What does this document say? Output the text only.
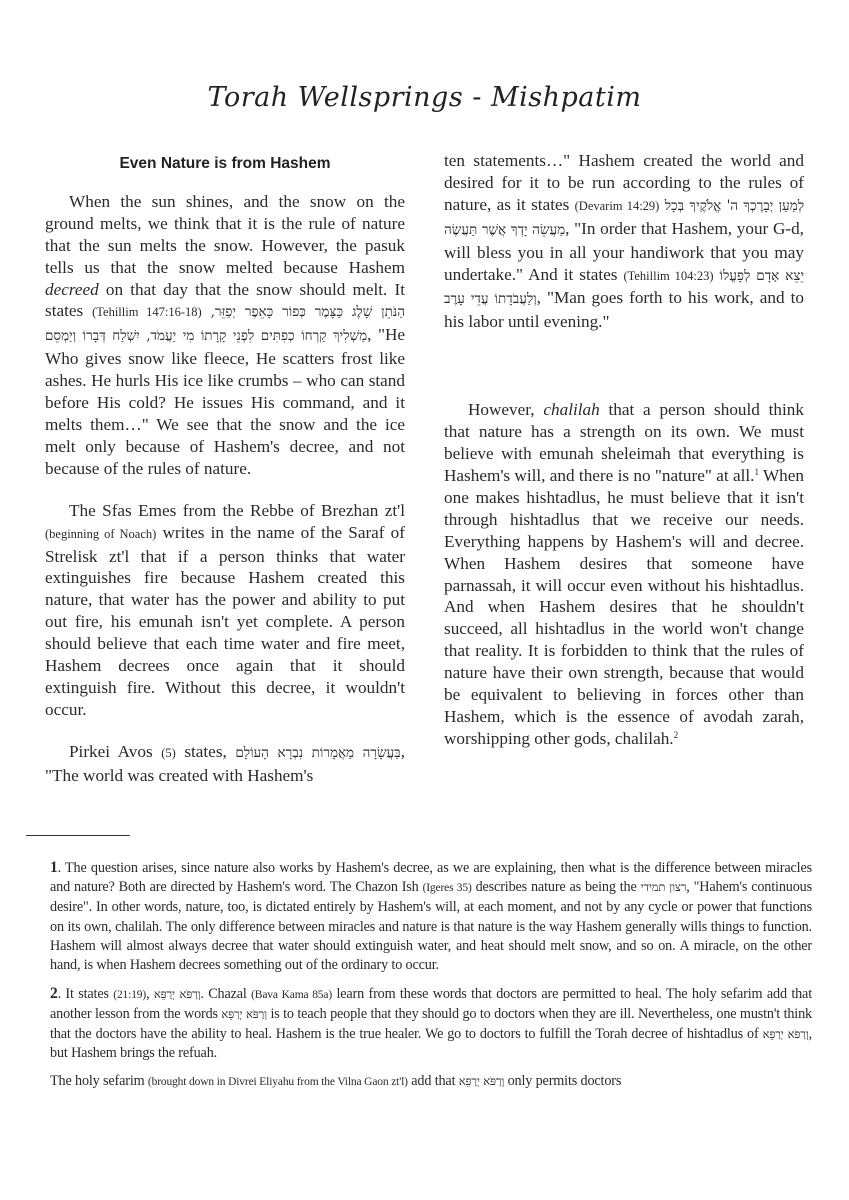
Torah Wellsprings - Mishpatim
Even Nature is from Hashem

When the sun shines, and the snow on the ground melts, we think that it is the rule of nature that the sun melts the snow. However, the pasuk tells us that the snow melted because Hashem decreed on that day that the snow should melt. It states (Tehillim 147:16-18) הַנֹּתֵן שָׁלֶג כַּצָּמֶר כְּפוֹר כָּאֵפֶר יְפַזֵּר, מַשְׁלִיךְ קַרְחוֹ כְפִתִּים לִפְנֵי קָרָתוֹ מִי יַעֲמֹד, יִשְׁלַח דְּבָרוֹ וְיַמְסֵם, "He Who gives snow like fleece, He scatters frost like ashes. He hurls His ice like crumbs – who can stand before His cold? He issues His command, and it melts them…" We see that the snow and the ice melt only because of Hashem's decree, and not because of the rules of nature.

The Sfas Emes from the Rebbe of Brezhan zt'l (beginning of Noach) writes in the name of the Saraf of Strelisk zt'l that if a person thinks that water extinguishes fire because Hashem created this nature, that water has the power and ability to put out fire, his emunah isn't yet complete. A person should believe that each time water and fire meet, Hashem decrees once again that it should extinguish fire. Without this decree, it wouldn't occur.

Pirkei Avos (5) states, בַּעֲשָׂרָה מַאֲמָרוֹת נִבְרָא הָעוֹלָם, "The world was created with Hashem's

ten statements…" Hashem created the world and desired for it to be run according to the rules of nature, as it states (Devarim 14:29) לְמַעַן יְבָרֶכְךָ ה' אֱלֹקֶיךָ בְּכָל מַעֲשֵׂה יָדְךָ אֲשֶׁר תַּעֲשֶׂה, "In order that Hashem, your G-d, will bless you in all your handiwork that you may undertake." And it states (Tehillim 104:23) יֵצֵא אָדָם לְפָעֳלוֹ וְלַעֲבֹדָתוֹ עֲדֵי עָרֶב, "Man goes forth to his work, and to his labor until evening."

However, chalilah that a person should think that nature has a strength on its own. We must believe with emunah sheleimah that everything is Hashem's will, and there is no "nature" at all.$^1$ When one makes hishtadlus, he must believe that it isn't through hishtadlus that we receive our needs. Everything happens by Hashem's will and decree. When Hashem desires that someone have parnassah, it will occur even without his hishtadlus. And when Hashem desires that he shouldn't succeed, all hishtadlus in the world won't change that reality. It is forbidden to think that the rules of nature have their own strength, because that would be equivalent to believing in forces other than Hashem, which is the essence of avodah zarah, worshipping other gods, chalilah.$^2$

1. The question arises, since nature also works by Hashem's decree, as we are explaining, then what is the difference between miracles and nature? Both are directed by Hashem's word. The Chazon Ish (Igeres 35) describes nature as being the רצון תמידי, "Hahem's continuous desire". In other words, nature, too, is dictated entirely by Hashem's will, at each moment, and not by any cycle or power that functions on its own, chalilah. The only difference between miracles and nature is that nature is the way Hashem generally wills things to function. Hashem will almost always decree that water should extinguish water, and heat should melt snow, and so on. A miracle, on the other hand, is when Hashem decrees something out of the ordinary to occur.

2. It states (21:19), וְרַפֹּא יְרַפֵּא. Chazal (Bava Kama 85a) learn from these words that doctors are permitted to heal. The holy sefarim add that another lesson from the words וְרַפֹּא יְרַפֵּא is to teach people that they should go to doctors when they are ill. Nevertheless, one mustn't think that the doctors have the ability to heal. Hashem is the true healer. We go to doctors to fulfill the Torah decree of hishtadlus of וְרַפֹּא יְרַפֵּא, but Hashem brings the refuah.

The holy sefarim (brought down in Divrei Eliyahu from the Vilna Gaon zt'l) add that וְרַפֹּא יְרַפֵּא only permits doctors
